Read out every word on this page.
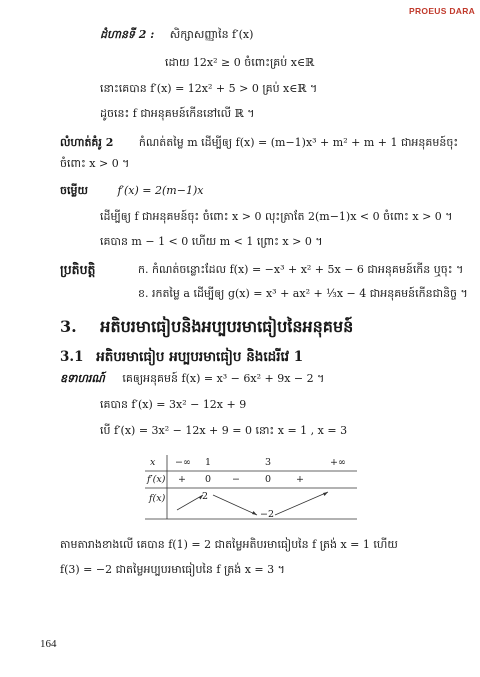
PROEUS DARA
ដំហានទី 2 : សិក្សាសញ្ញានៃ f′(x)
ដោយ 12x² ≥ 0 ចំពោះគ្រប់ x∈ℝ
នោះគេបាន f′(x) = 12x² + 5 > 0 គ្រប់ x∈ℝ ។
ដូចនេះ f ជាអនុគមន៍កើននៅលើ ℝ ។
លំហាត់គំរូ 2 កំណត់តម្លៃ m ដើម្បីឲ្យ f(x) = (m−1)x³ + m² + m + 1 ជាអនុគមន៍ចុះ
ចំពោះ x > 0 ។
ចម្លើយ	f′(x) = 2(m−1)x
ដើម្បីឲ្យ f ជាអនុគមន៍ចុះ ចំពោះ x > 0 លុះត្រាតែ 2(m−1)x < 0 ចំពោះ x > 0 ។
គេបាន m − 1 < 0 ហើយ m < 1 ព្រោះ x > 0 ។
ប្រតិបត្តិ	ក. កំណត់ចន្លោះដែល f(x) = −x³ + x² + 5x − 6 ជាអនុគមន៍កើន ឬចុះ ។
ខ. រកតម្លៃ a ដើម្បីឲ្យ g(x) = x³ + ax² + ⅓x − 4 ជាអនុគមន៍កើនជានិច្ច ។
3. អតិបរមាធៀបនិងអប្បបរមាធៀបនៃអនុគមន៍
3.1 អតិបរមាធៀប អប្បបរមាធៀប និងដេរីវេ 1
ឧទាហរណ៍ គេឲ្យអនុគមន៍ f(x) = x³ − 6x² + 9x − 2 ។
គេបាន f′(x) = 3x² − 12x + 9
បើ f′(x) = 3x² − 12x + 9 = 0 នោះ x = 1 , x = 3
x −∞ 1	3	+∞
f′(x) + 0 −	0	+
f(x)	2
−2
តាមតារាងខាងលើ គេបាន f(1) = 2 ជាតម្លៃអតិបរមាធៀបនៃ f ត្រង់ x = 1 ហើយ
f(3) = −2 ជាតម្លៃអប្បបរមាធៀបនៃ f ត្រង់ x = 3 ។
164
